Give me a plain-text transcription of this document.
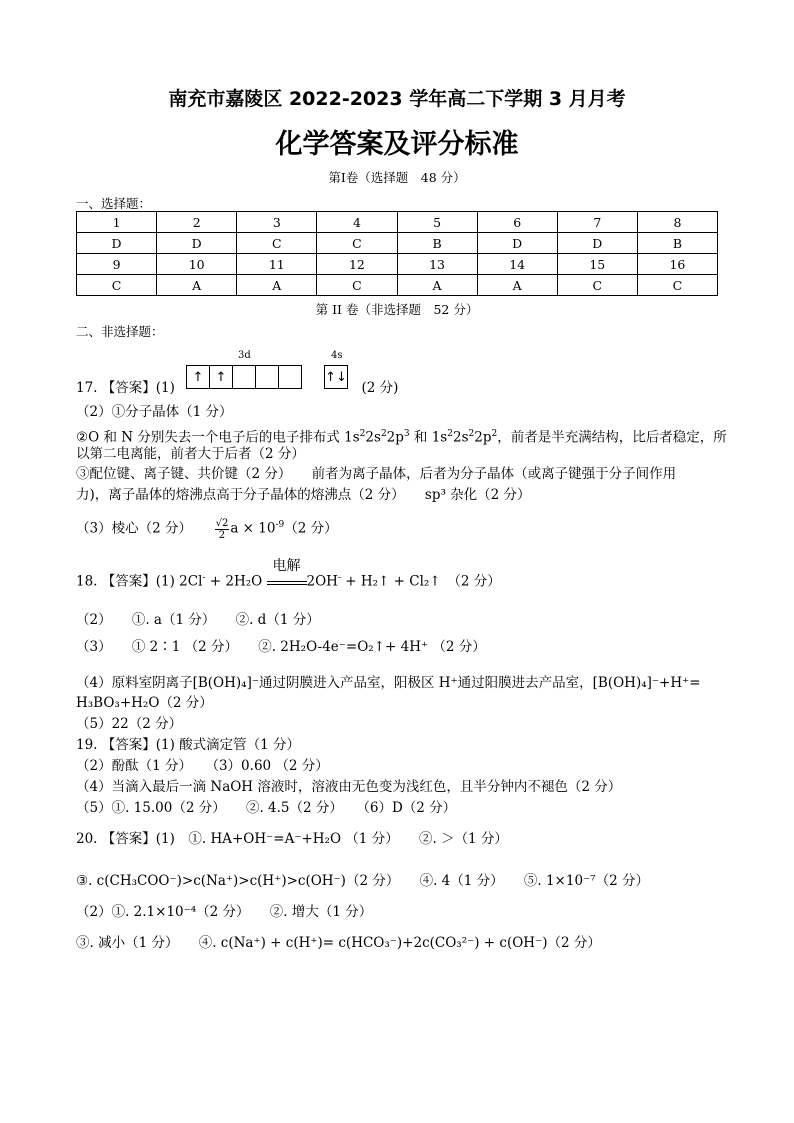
南充市嘉陵区 2022-2023 学年高二下学期 3 月月考
化学答案及评分标准
第Ⅰ卷（选择题　48 分）
一、选择题：
1	2	3	4	5	6	7	8
D	D	C	C	B	D	D	B
9	10	11	12	13	14	15	16
C	A	A	C	A	A	C	C
第 II 卷（非选择题　52 分）
二、非选择题：
3d	4s
↑ ↑	↑↓
17. 【答案】(1)	(2 分)
（2）①分子晶体（1 分）
②O 和 N 分别失去一个电子后的电子排布式 $1s^22s^22p^3$ 和 $1s^22s^22p^2$，前者是半充满结构，比后者稳定，所
以第二电离能，前者大于后者（2 分）
③配位键、离子键、共价键（2 分）　　前者为离子晶体，后者为分子晶体（或离子键强于分子间作用
力)，离子晶体的熔沸点高于分子晶体的熔沸点（2 分）　　sp³ 杂化（2 分）
（3）棱心（2 分） $\frac{√2}{2}$ $a \times 10^{-9}(2$ 分）
18. 【答案】(1) 2Cl- + 2H₂O
电解
2OH- + H₂↑ + Cl₂↑　（2 分）
（2）　　①. a（1 分）　　②. d（1 分）
（3）　　① 2∶1 （2 分）　　②. 2H₂O-4e⁻=O₂↑+ 4H⁺ （2 分）
（4）原料室阴离子[B(OH)₄]⁻通过阴膜进入产品室，阳极区 H⁺通过阳膜进去产品室，[B(OH)₄]⁻+H⁺=
H₃BO₃+H₂O（2 分）
（5）22（2 分）
19. 【答案】(1) 酸式滴定管（1 分）
（2）酚酞（1 分）　　（3）0.60 （2 分）
（4）当滴入最后一滴 NaOH 溶液时，溶液由无色变为浅红色，且半分钟内不褪色（2 分）
（5）①. 15.00（2 分）　　②. 4.5（2 分）　　（6）D（2 分）
20. 【答案】(1)　①. HA+OH⁻=A⁻+H₂O （1 分）　　②. ＞（1 分）
③. c(CH₃COO⁻)>c(Na⁺)>c(H⁺)>c(OH⁻)（2 分）　　④. 4（1 分）　　⑤. 1×10⁻⁷（2 分）
（2）①. 2.1×10⁻⁴（2 分）　　②. 增大（1 分）
③. 减小（1 分）　　④. c(Na⁺) + c(H⁺)= c(HCO₃⁻)+2c(CO₃²⁻) + c(OH⁻)（2 分）
